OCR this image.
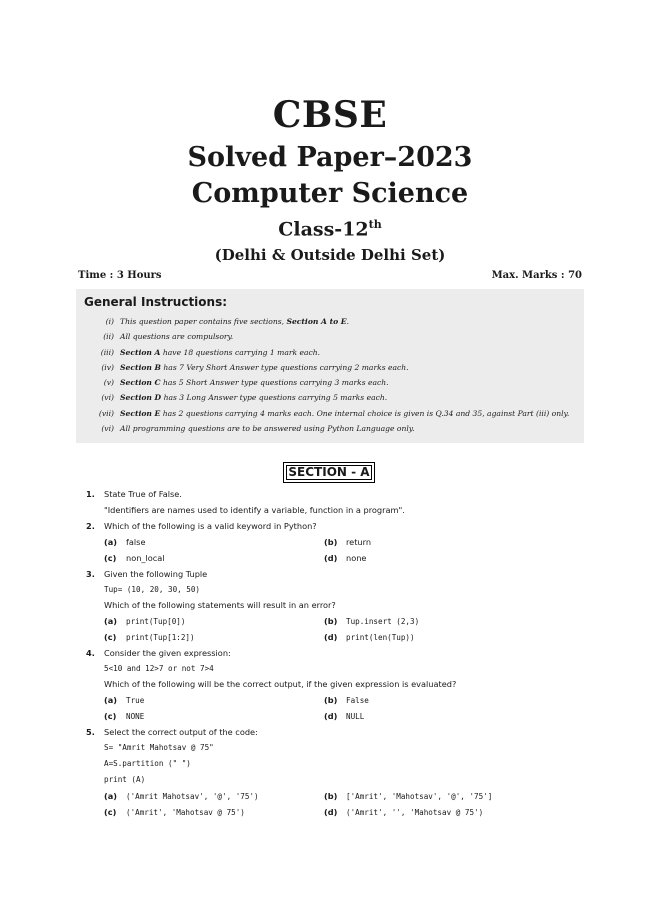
CBSE
Solved Paper–2023
Computer Science
Class-12th
(Delhi & Outside Delhi Set)
Time : 3 Hours	Max. Marks : 70
General Instructions:
(i) This question paper contains five sections, Section A to E.
(ii) All questions are compulsory.
(iii) Section A have 18 questions carrying 1 mark each.
(iv) Section B has 7 Very Short Answer type questions carrying 2 marks each.
(v) Section C has 5 Short Answer type questions carrying 3 marks each.
(vi) Section D has 3 Long Answer type questions carrying 5 marks each.
(vii) Section E has 2 questions carrying 4 marks each. One internal choice is given is Q.34 and 35, against Part (iii) only.
(vi) All programming questions are to be answered using Python Language only.
SECTION - A
1. State True of False.
"Identifiers are names used to identify a variable, function in a program".
2. Which of the following is a valid keyword in Python?
(a) false	(b) return
(c) non_local	(d) none
3. Given the following Tuple
Tup= (10, 20, 30, 50)
Which of the following statements will result in an error?
(a) print(Tup[0])	(b) Tup.insert (2,3)
(c) print(Tup[1:2])	(d) print(len(Tup))
4. Consider the given expression:
5<10 and 12>7 or not 7>4
Which of the following will be the correct output, if the given expression is evaluated?
(a) True	(b) False
(c) NONE	(d) NULL
5. Select the correct output of the code:
S= "Amrit Mahotsav @ 75"
A=S.partition (" ")
print (A)
(a) ('Amrit Mahotsav', '@', '75')	(b) ['Amrit', 'Mahotsav', '@', '75']
(c) ('Amrit', 'Mahotsav @ 75')	(d) ('Amrit', '', 'Mahotsav @ 75')
